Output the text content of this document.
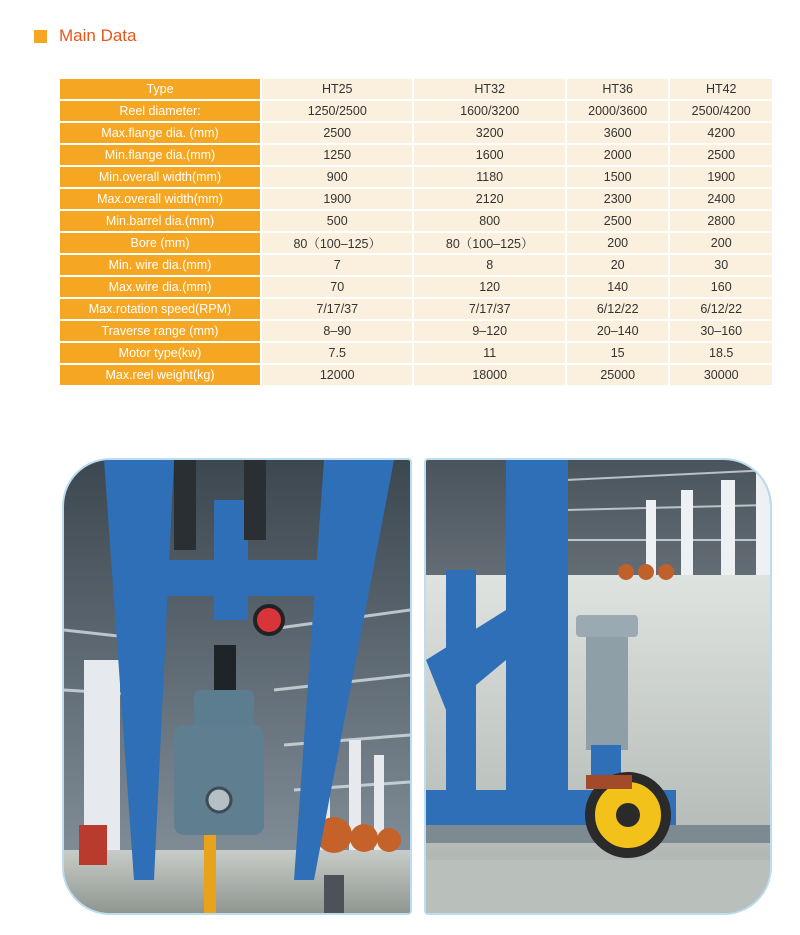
Main Data
Type	HT25	HT32	HT36	HT42
Reel diameter:	1250/2500	1600/3200	2000/3600	2500/4200
Max.flange dia. (mm)	2500	3200	3600	4200
Min.flange dia.(mm)	1250	1600	2000	2500
Min.overall width(mm)	900	1180	1500	1900
Max.overall width(mm)	1900	2120	2300	2400
Min.barrel dia.(mm)	500	800	2500	2800
Bore (mm)	80（100–125）	80（100–125）	200	200
Min. wire dia.(mm)	7	8	20	30
Max.wire dia.(mm)	70	120	140	160
Max.rotation speed(RPM)	7/17/37	7/17/37	6/12/22	6/12/22
Traverse range (mm)	8–90	9–120	20–140	30–160
Motor type(kw)	7.5	11	15	18.5
Max.reel weight(kg)	12000	18000	25000	30000
